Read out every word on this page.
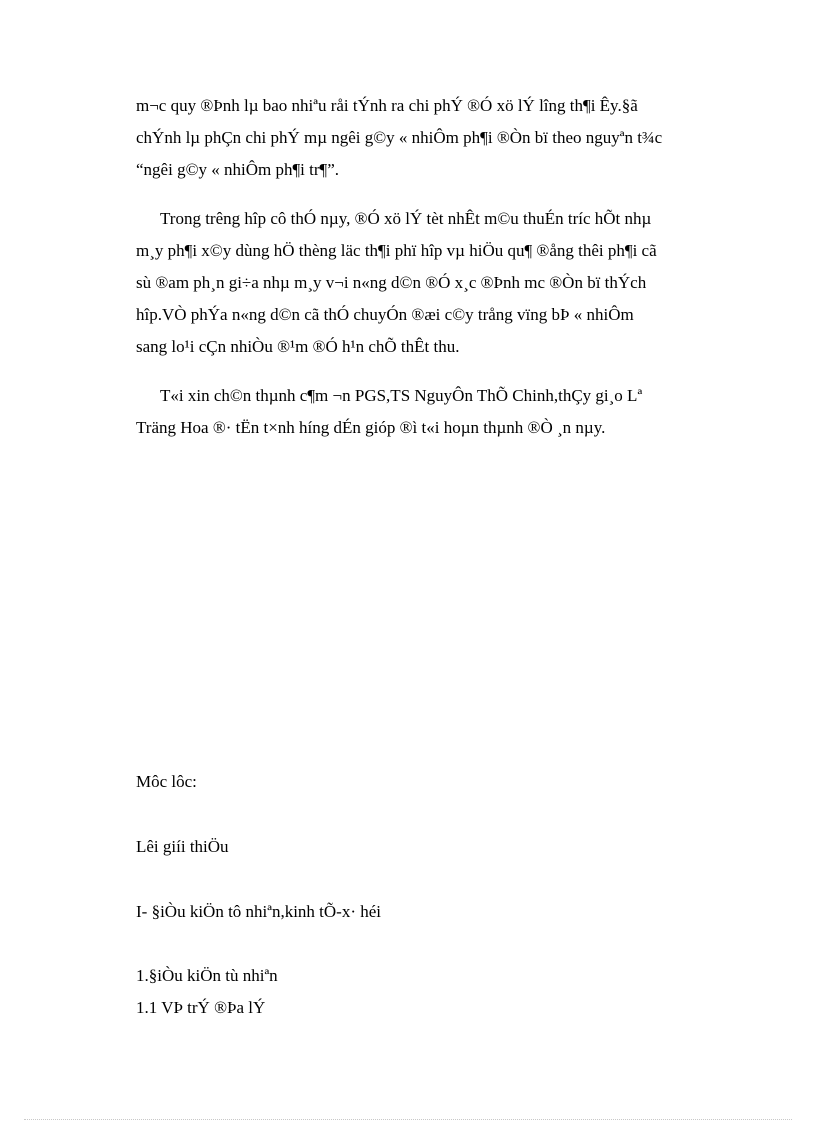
m¬c quy ®Þnh lµ bao nhiªu råi tÝnh ra chi phÝ ®Ó xö lÝ lîng th¶i Êy.§ã
chÝnh lµ phÇn chi phÝ mµ ngêi g©y « nhiÔm ph¶i ®Òn bï theo nguyªn t¾c
“ngêi g©y « nhiÔm ph¶i tr¶”.

Trong trêng hîp cô thÓ nµy, ®Ó xö lÝ tèt nhÊt m©u thuÉn tríc hÕt nhµ
m¸y ph¶i x©y dùng hÖ thèng läc th¶i phï hîp vµ hiÖu qu¶ ®ång thêi ph¶i cã
sù ®am ph¸n gi÷a nhµ m¸y v¬i n«ng d©n ®Ó x¸c ®Þnh mc ®Òn bï thÝch
hîp.VÒ phÝa n«ng d©n cã thÓ chuyÓn ®æi c©y trång vïng bÞ « nhiÔm
sang lo¹i cÇn nhiÒu ®¹m ®Ó h¹n chÕ thÊt thu.

T«i xin ch©n thµnh c¶m ¬n PGS,TS NguyÔn ThÕ Chinh,thÇy gi¸o Lª
Träng Hoa ®· tËn t×nh híng dÉn gióp ®ì t«i hoµn thµnh ®Ò ¸n nµy.

Môc lôc:

Lêi giíi thiÖu

I- §iÒu kiÖn tô nhiªn,kinh tÕ-x· héi

1.§iÒu kiÖn tù nhiªn

1.1 VÞ trÝ ®Þa lÝ
